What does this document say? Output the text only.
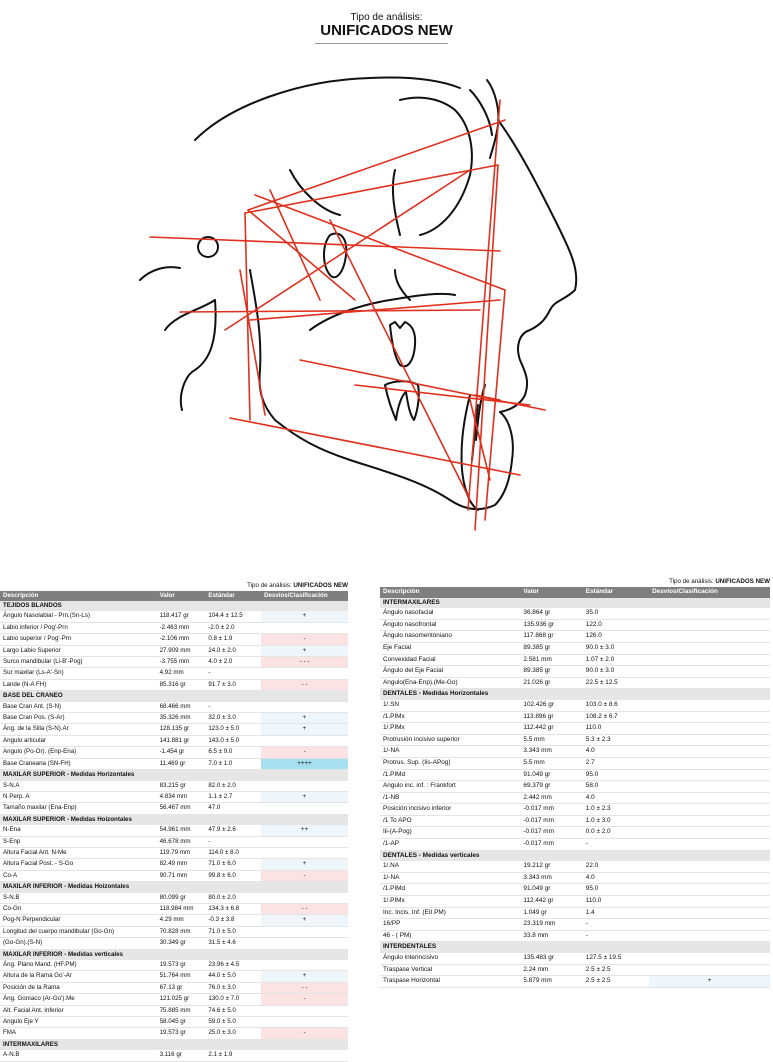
Tipo de análisis:
UNIFICADOS NEW
Tipo de análisis: UNIFICADOS NEW
Descripción	Valor	Estándar	Desvíos/Clasificación
TEJIDOS BLANDOS			
Ángulo Nasolabial - Prn.(Sn-Ls)	118.417 gr	104.4 ± 12.5	+
Labio inferior / Pog'-Prn	-2.463 mm	-2.0 ± 2.0	
Labio superior / Pog'-Prn	-2.106 mm	0.8 ± 1.9	-
Largo Labio Superior	27.909 mm	24.0 ± 2.0	+
Surco mandibular (Li-B'-Pog)	-3.755 mm	4.0 ± 2.0	- - -
Sur maxilar (Ls-A'-Sn)	4.92 mm	-	
Lande (N-A FH)	85.316 gr	91.7 ± 3.0	- -
BASE DEL CRANEO			
Base Cran Ant. (S-N)	68.466 mm	-	
Base Cran Pos. (S-Ar)	35.326 mm	32.0 ± 3.0	+
Áng. de la Silla (S-N).Ar	128.135 gr	123.0 ± 5.0	+
Angulo articular	141.881 gr	143.0 ± 5.0	
Angulo (Po-Or). (Enp-Ena)	-1.454 gr	6.5 ± 9.0	-
Base Craneana (SN-FH)	11.469 gr	7.0 ± 1.0	++++
MAXILAR SUPERIOR - Medidas Horizontales			
S-N.A	83.215 gr	82.0 ± 2.0	
N Perp. A	4.834 mm	1.1 ± 2.7	+
Tamaño maxilar (Ena-Enp)	56.467 mm	47.0	
MAXILAR SUPERIOR - Medidas Hoizontales			
N-Ena	54.961 mm	47.9 ± 2.6	++
S-Enp	46.678 mm	-	
Altura Facial Ant. N-Me	119.79 mm	114.0 ± 8.0	
Altura Facial Post. - S-Go	82.49 mm	71.0 ± 6.0	+
Co-A	90.71 mm	99.8 ± 6.0	-
MAXILAR INFERIOR - Medidas Hoizontales			
S-N.B	80.099 gr	80.0 ± 2.0	
Co-Gn	118.984 mm	134.3 ± 6.8	- -
Pog-N Perpendicular	4.29 mm	-0.3 ± 3.8	+
Longitud del cuerpo mandibular (Go-Gn)	70.828 mm	71.0 ± 5.0	
(Go-Gn).(S-N)	30.349 gr	31.5 ± 4.6	
MAXILAR INFERIOR - Medidas verticales			
Áng. Plano Mand. (HF.PM)	19.573 gr	23.96 ± 4.5	
Altura de la Rama Go'-Ar	51.764 mm	44.0 ± 5.0	+
Posición de la Rama	67.13 gr	76.0 ± 3.0	- -
Áng. Goníaco (Ar-Go').Me	121.025 gr	130.0 ± 7.0	-
Alt. Facial Ant. Inferior	75.885 mm	74.6 ± 5.0	
Angulo Eje Y	58.045 gr	59.0 ± 5.0	
FMA	19.573 gr	25.0 ± 3.0	-
INTERMAXILARES			
A-N.B	3.116 gr	2.1 ± 1.9	
Tipo de análisis: UNIFICADOS NEW
Descripción	Valor	Estándar	Desvíos/Clasificación
INTERMAXILARES			
Ángulo nasofacial	36.864 gr	35.0	
Ángulo nasofrontal	135.936 gr	122.0	
Ángulo nasomentoniano	117.868 gr	126.0	
Eje Facial	89.385 gr	90.0 ± 3.0	
Convexidad Facial	2.581 mm	1.07 ± 2.0	
Ángulo del Eje Facial	89.385 gr	90.0 ± 3.0	
Angulo(Ena-Enp).(Me-Go)	21.026 gr	22.5 ± 12.5	
DENTALES - Medidas Horizontales			
1/.SN	102.426 gr	103.0 ± 8.6	
/1.PIMx	113.896 gr	108.2 ± 6.7	
1/.PIMx	112.442 gr	110.0	
Protrusión incisivo superior	5.5 mm	5.3 ± 2.3	
1/-NA	3.343 mm	4.0	
Protrus. Sup. (Iis-APog)	5.5 mm	2.7	
/1.PIMd	91.049 gr	95.0	
Angulo inc. inf. : Frankfort	69.379 gr	58.0	
/1-NB	2.442 mm	4.0	
Posición incisivo inferior	-0.017 mm	1.0 ± 2.3	
/1 To APO	-0.017 mm	1.0 ± 3.0	
Iii-(A-Pog)	-0.017 mm	0.0 ± 2.0	
/1-AP	-0.017 mm	-	
DENTALES - Medidas verticales			
1/.NA	19.212 gr	22.0	
1/-NA	3.343 mm	4.0	
/1.PIMd	91.049 gr	95.0	
1/.PIMx	112.442 gr	110.0	
Inc. Incis. Inf. (EII.PM)	1.049 gr	1.4	
16/PP	23.319 mm	-	
46 - ( PM)	33.8 mm	-	
INTERDENTALES			
Ángulo interincisivo	135.483 gr	127.5 ± 19.5	
Traspase Vertical	2.24 mm	2.5 ± 2.5	
Traspase Horizontal	5.879 mm	2.5 ± 2.5	+
